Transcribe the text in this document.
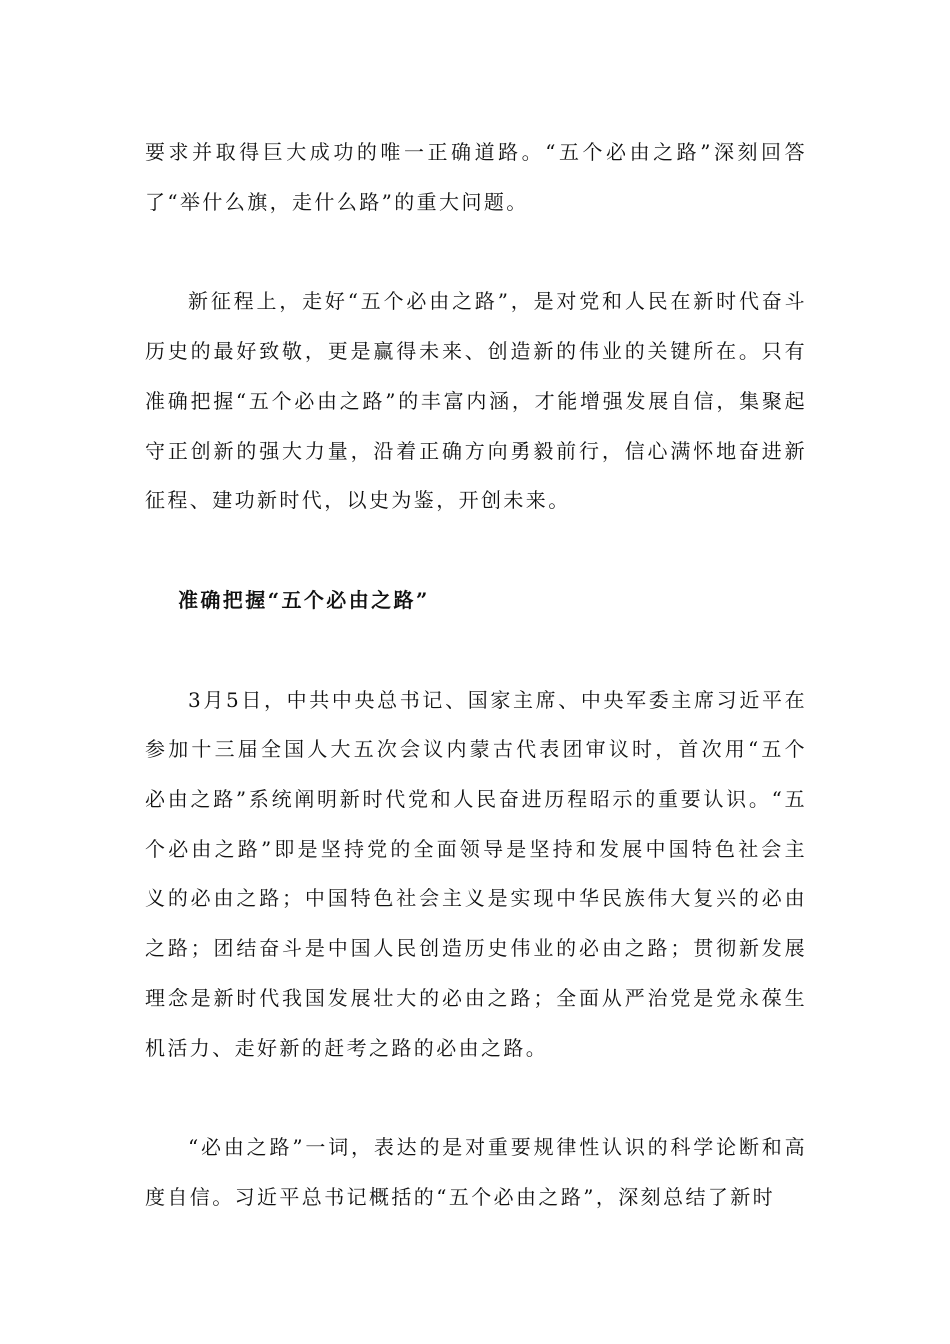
要求并取得巨大成功的唯一正确道路。“五个必由之路”深刻回答了“举什么旗，走什么路”的重大问题。

新征程上，走好“五个必由之路”，是对党和人民在新时代奋斗历史的最好致敬，更是赢得未来、创造新的伟业的关键所在。只有准确把握“五个必由之路”的丰富内涵，才能增强发展自信，集聚起守正创新的强大力量，沿着正确方向勇毅前行，信心满怀地奋进新征程、建功新时代，以史为鉴，开创未来。

准确把握“五个必由之路”

3月5日，中共中央总书记、国家主席、中央军委主席习近平在参加十三届全国人大五次会议内蒙古代表团审议时，首次用“五个必由之路”系统阐明新时代党和人民奋进历程昭示的重要认识。“五个必由之路”即是坚持党的全面领导是坚持和发展中国特色社会主义的必由之路；中国特色社会主义是实现中华民族伟大复兴的必由之路；团结奋斗是中国人民创造历史伟业的必由之路；贯彻新发展理念是新时代我国发展壮大的必由之路；全面从严治党是党永葆生机活力、走好新的赶考之路的必由之路。

“必由之路”一词，表达的是对重要规律性认识的科学论断和高度自信。习近平总书记概括的“五个必由之路”，深刻总结了新时
